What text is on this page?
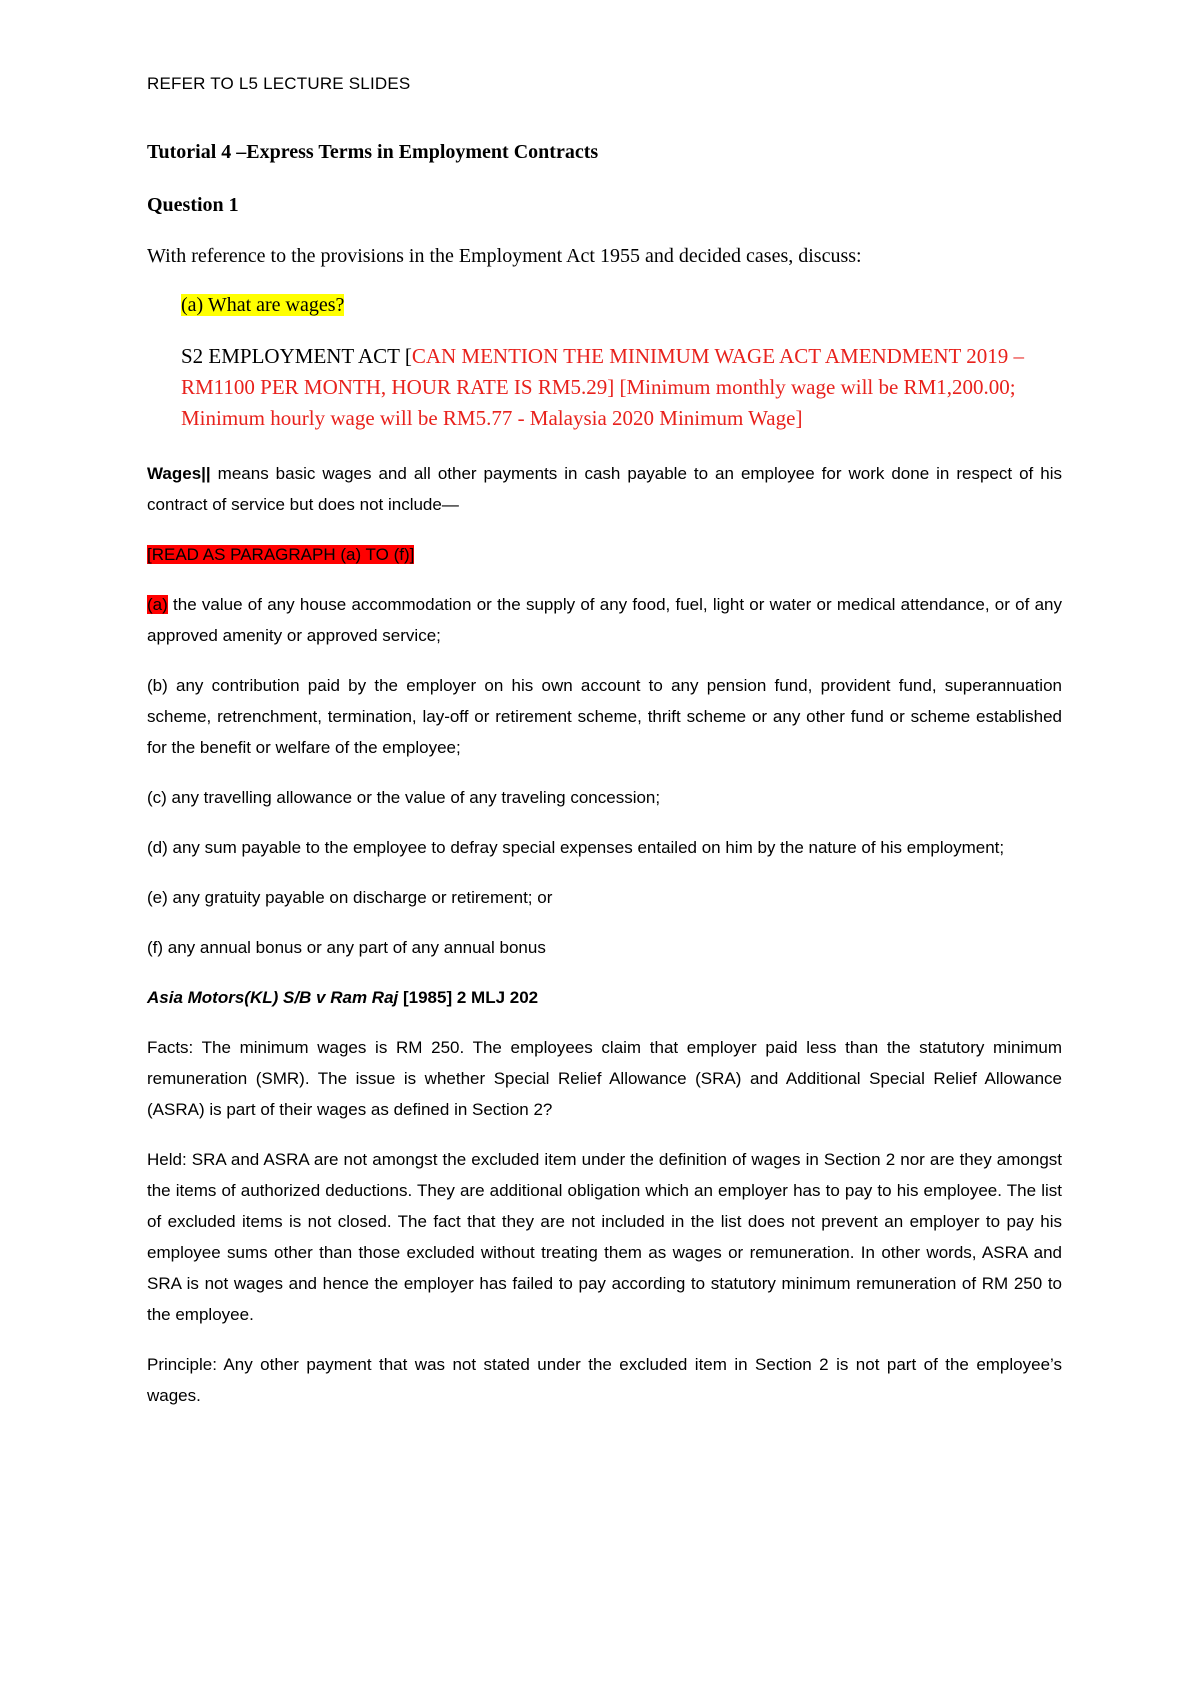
REFER TO L5 LECTURE SLIDES
Tutorial 4 –Express Terms in Employment Contracts
Question 1
With reference to the provisions in the Employment Act 1955 and decided cases, discuss:
(a) What are wages?
S2 EMPLOYMENT ACT [CAN MENTION THE MINIMUM WAGE ACT AMENDMENT 2019 – RM1100 PER MONTH, HOUR RATE IS RM5.29] [Minimum monthly wage will be RM1,200.00; Minimum hourly wage will be RM5.77 - Malaysia 2020 Minimum Wage]

Wages|| means basic wages and all other payments in cash payable to an employee for work done in respect of his contract of service but does not include—

[READ AS PARAGRAPH (a) TO (f)]

(a) the value of any house accommodation or the supply of any food, fuel, light or water or medical attendance, or of any approved amenity or approved service;

(b) any contribution paid by the employer on his own account to any pension fund, provident fund, superannuation scheme, retrenchment, termination, lay-off or retirement scheme, thrift scheme or any other fund or scheme established for the benefit or welfare of the employee;

(c) any travelling allowance or the value of any traveling concession;

(d) any sum payable to the employee to defray special expenses entailed on him by the nature of his employment;

(e) any gratuity payable on discharge or retirement; or

(f) any annual bonus or any part of any annual bonus

Asia Motors(KL) S/B v Ram Raj [1985] 2 MLJ 202

Facts: The minimum wages is RM 250. The employees claim that employer paid less than the statutory minimum remuneration (SMR). The issue is whether Special Relief Allowance (SRA) and Additional Special Relief Allowance (ASRA) is part of their wages as defined in Section 2?

Held: SRA and ASRA are not amongst the excluded item under the definition of wages in Section 2 nor are they amongst the items of authorized deductions. They are additional obligation which an employer has to pay to his employee. The list of excluded items is not closed. The fact that they are not included in the list does not prevent an employer to pay his employee sums other than those excluded without treating them as wages or remuneration. In other words, ASRA and SRA is not wages and hence the employer has failed to pay according to statutory minimum remuneration of RM 250 to the employee.

Principle: Any other payment that was not stated under the excluded item in Section 2 is not part of the employee’s wages.
